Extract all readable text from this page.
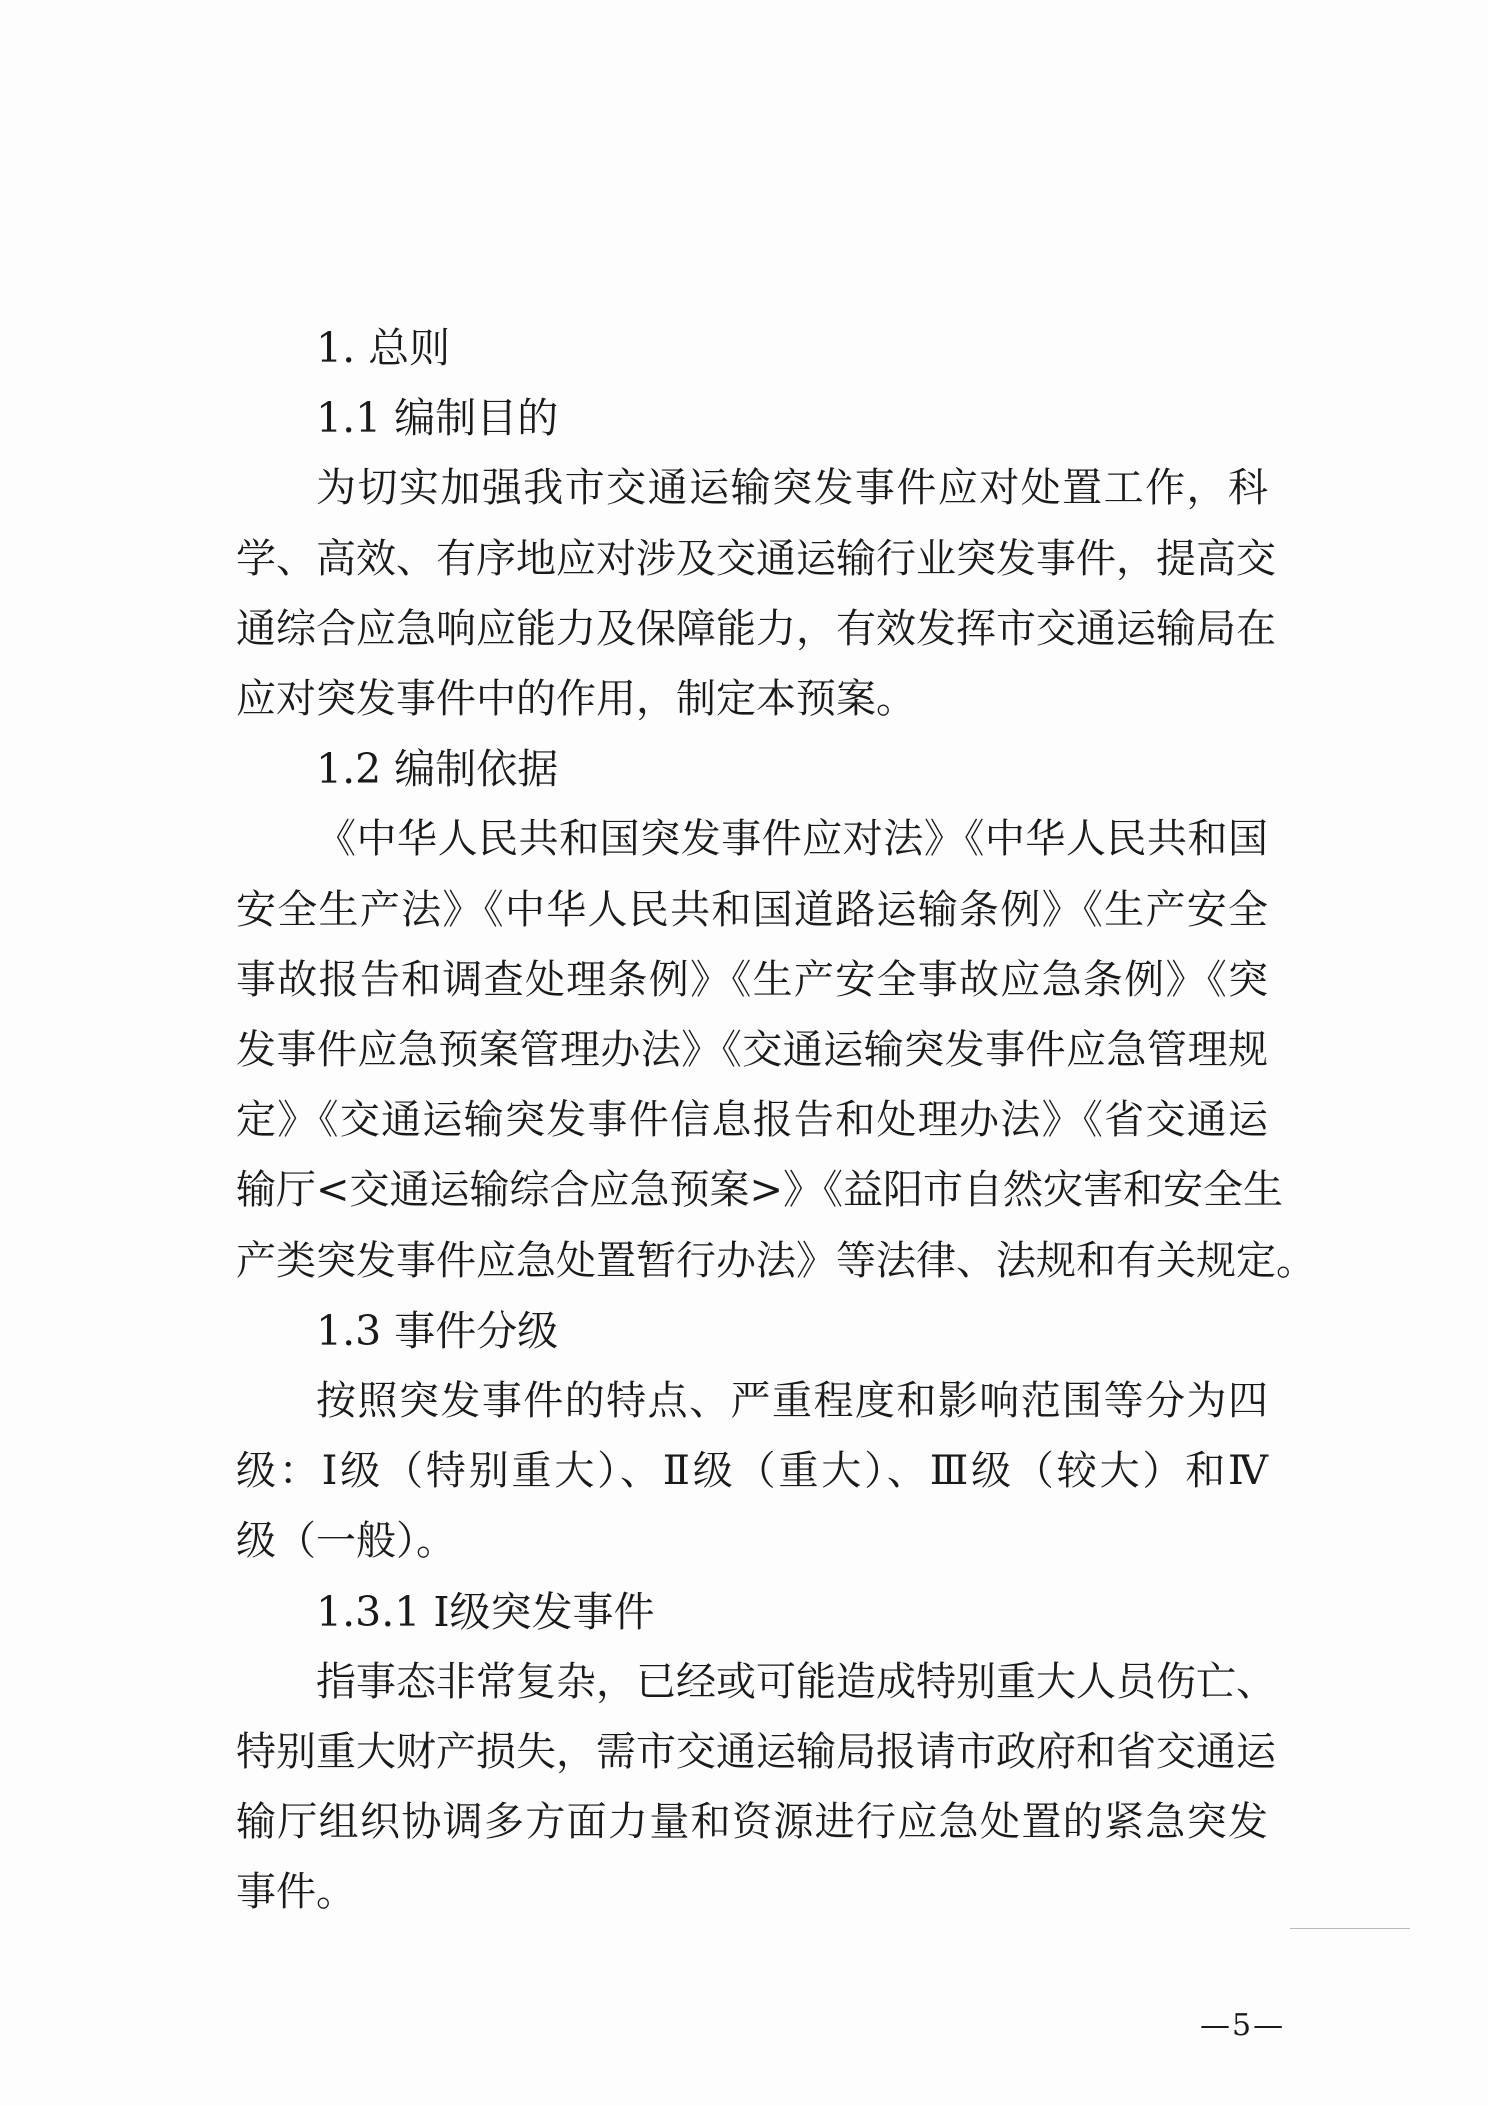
1. 总则
1.1 编制目的
为切实加强我市交通运输突发事件应对处置工作，科
学、高效、有序地应对涉及交通运输行业突发事件，提高交
通综合应急响应能力及保障能力，有效发挥市交通运输局在
应对突发事件中的作用，制定本预案。
1.2 编制依据
《中华人民共和国突发事件应对法》《中华人民共和国
安全生产法》《中华人民共和国道路运输条例》《生产安全
事故报告和调查处理条例》《生产安全事故应急条例》《突
发事件应急预案管理办法》《交通运输突发事件应急管理规
定》《交通运输突发事件信息报告和处理办法》《省交通运
输厅<交通运输综合应急预案>》《益阳市自然灾害和安全生
产类突发事件应急处置暂行办法》等法律、法规和有关规定。
1.3 事件分级
按照突发事件的特点、严重程度和影响范围等分为四
级：Ⅰ级（特别重大）、Ⅱ级（重大）、Ⅲ级（较大）和Ⅳ
级（一般）。
1.3.1 Ⅰ级突发事件
指事态非常复杂，已经或可能造成特别重大人员伤亡、
特别重大财产损失，需市交通运输局报请市政府和省交通运
输厅组织协调多方面力量和资源进行应急处置的紧急突发
事件。
—5—
